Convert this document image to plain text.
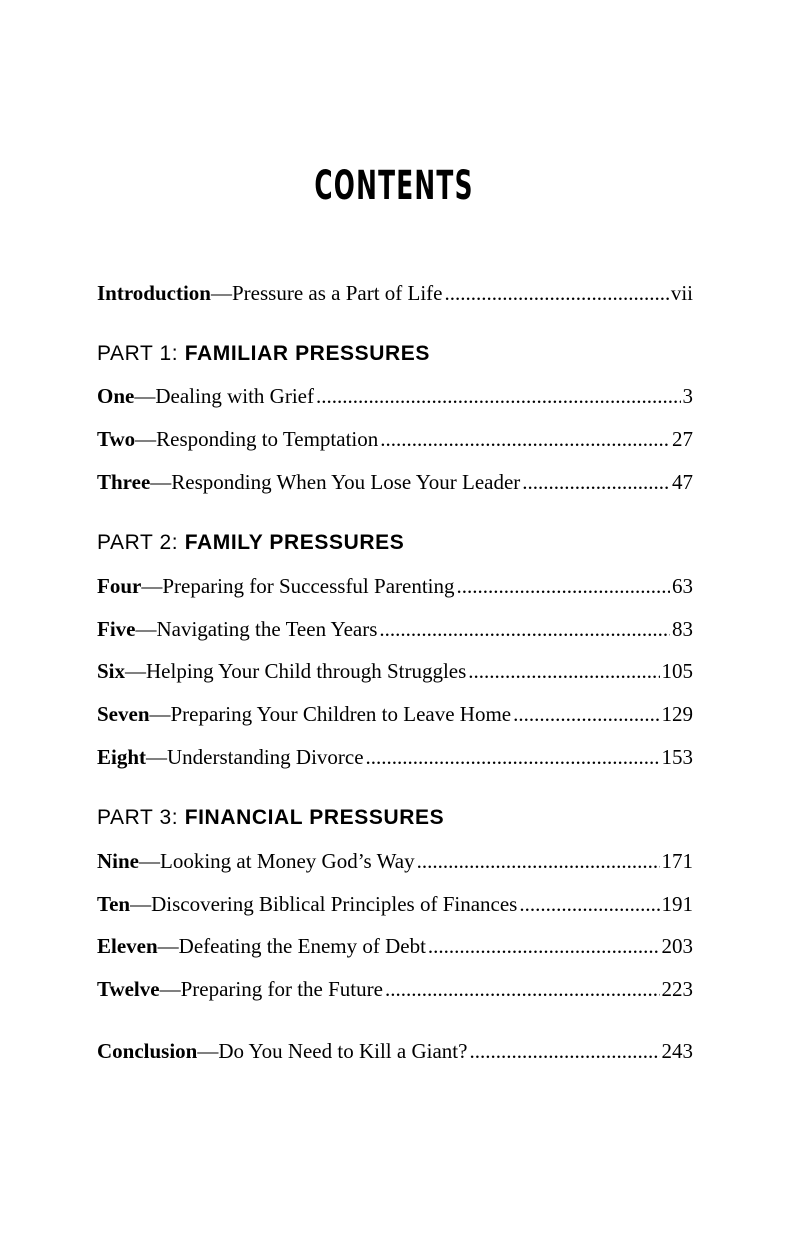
CONTENTS
Introduction —Pressure as a Part of Life .....	vii
PART 1: FAMILIAR PRESSURES
One —Dealing with Grief .....	3
Two —Responding to Temptation .....	27
Three —Responding When You Lose Your Leader .....	47
PART 2: FAMILY PRESSURES
Four —Preparing for Successful Parenting .....	63
Five —Navigating the Teen Years .....	83
Six —Helping Your Child through Struggles .....	105
Seven —Preparing Your Children to Leave Home .....	129
Eight —Understanding Divorce .....	153
PART 3: FINANCIAL PRESSURES
Nine —Looking at Money God’s Way .....	171
Ten —Discovering Biblical Principles of Finances .....	191
Eleven —Defeating the Enemy of Debt .....	203
Twelve —Preparing for the Future .....	223
Conclusion —Do You Need to Kill a Giant? .....	243
